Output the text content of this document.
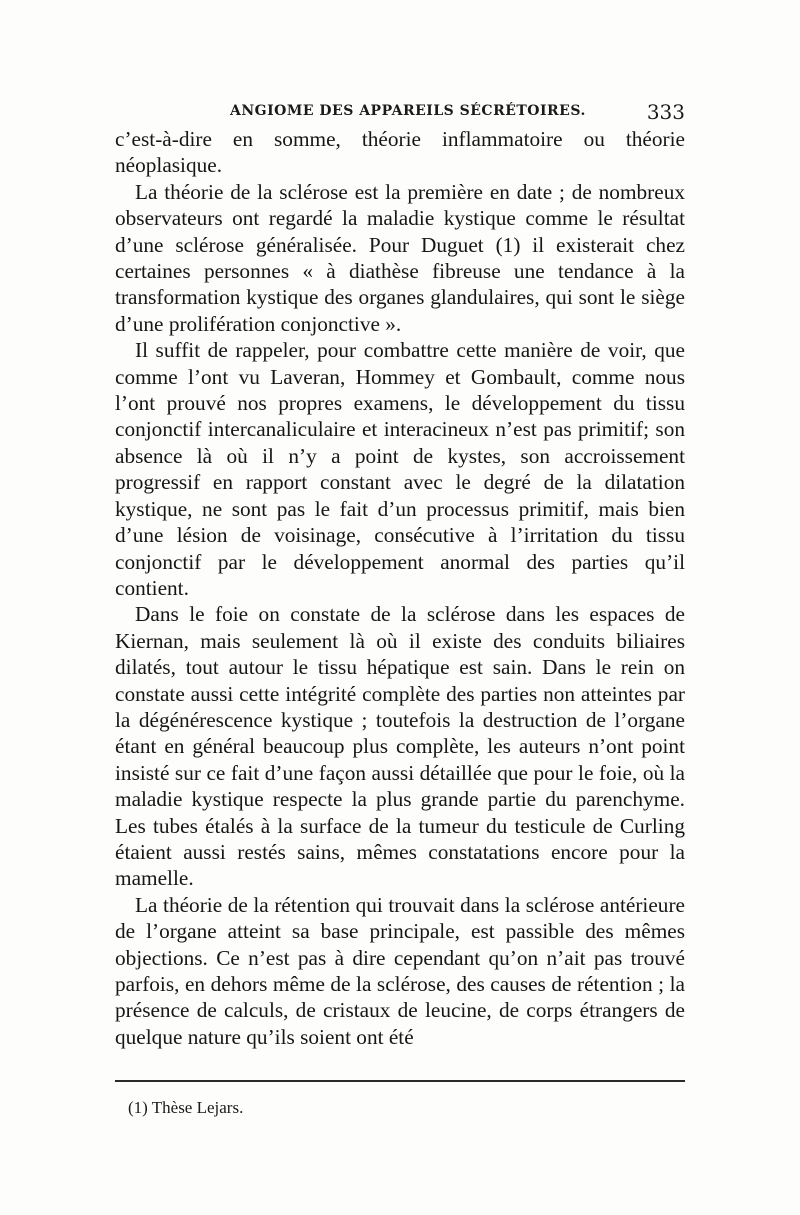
ANGIOME DES APPAREILS SÉCRÉTOIRES.	333

c’est-à-dire en somme, théorie inflammatoire ou théorie néoplasique.

La théorie de la sclérose est la première en date ; de nombreux observateurs ont regardé la maladie kystique comme le résultat d’une sclérose généralisée. Pour Duguet (1) il existerait chez certaines personnes « à diathèse fibreuse une tendance à la transformation kystique des organes glandulaires, qui sont le siège d’une prolifération conjonctive ».

Il suffit de rappeler, pour combattre cette manière de voir, que comme l’ont vu Laveran, Hommey et Gombault, comme nous l’ont prouvé nos propres examens, le développement du tissu conjonctif intercanaliculaire et interacineux n’est pas primitif; son absence là où il n’y a point de kystes, son accroissement progressif en rapport constant avec le degré de la dilatation kystique, ne sont pas le fait d’un processus primitif, mais bien d’une lésion de voisinage, consécutive à l’irritation du tissu conjonctif par le développement anormal des parties qu’il contient.

Dans le foie on constate de la sclérose dans les espaces de Kiernan, mais seulement là où il existe des conduits biliaires dilatés, tout autour le tissu hépatique est sain. Dans le rein on constate aussi cette intégrité complète des parties non atteintes par la dégénérescence kystique ; toutefois la destruction de l’organe étant en général beaucoup plus complète, les auteurs n’ont point insisté sur ce fait d’une façon aussi détaillée que pour le foie, où la maladie kystique respecte la plus grande partie du parenchyme. Les tubes étalés à la surface de la tumeur du testicule de Curling étaient aussi restés sains, mêmes constatations encore pour la mamelle.

La théorie de la rétention qui trouvait dans la sclérose antérieure de l’organe atteint sa base principale, est passible des mêmes objections. Ce n’est pas à dire cependant qu’on n’ait pas trouvé parfois, en dehors même de la sclérose, des causes de rétention ; la présence de calculs, de cristaux de leucine, de corps étrangers de quelque nature qu’ils soient ont été

(1) Thèse Lejars.
